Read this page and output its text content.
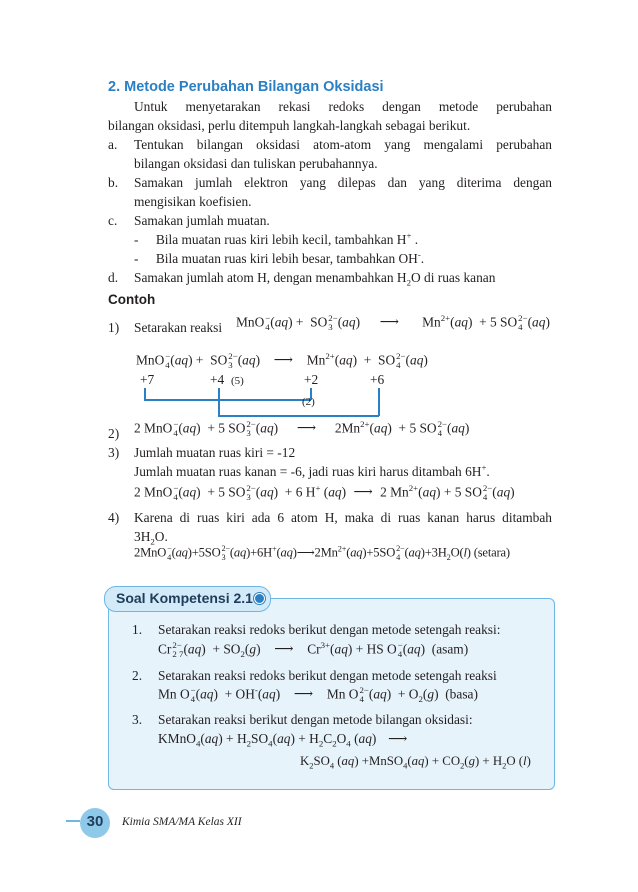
2. Metode Perubahan Bilangan Oksidasi
Untuk menyetarakan rekasi redoks dengan metode perubahan
bilangan oksidasi, perlu ditempuh langkah-langkah sebagai berikut.
a. Tentukan bilangan oksidasi atom-atom yang mengalami perubahan
bilangan oksidasi dan tuliskan perubahannya.
b. Samakan jumlah elektron yang dilepas dan yang diterima dengan
mengisikan koefisien.
c. Samakan jumlah muatan.
- Bila muatan ruas kiri lebih kecil, tambahkan H+ .
- Bila muatan ruas kiri lebih besar, tambahkan OH-.
d. Samakan jumlah atom H, dengan menambahkan $H_2O$ di ruas kanan
Contoh
1) Setarakan reaksi MnO −
4 (aq) +  SO 2−
3 (aq) ⟶  $Mn^{2+}(aq) + 5$ SO 2−
4 (aq)
MnO −
4 (aq) +  SO 2−
3 (aq) ⟶ $Mn^{2+}(aq)$  +  SO 2−
4 (aq)
+7	+4	+2	+6
(5)
(2)
2) 2 MnO −
4 (aq)  + 5 SO 2−
3 (aq) ⟶ $2Mn^{2+}(aq) + 5$ SO 2−
4 (aq)
3) Jumlah muatan ruas kiri = -12
Jumlah muatan ruas kanan = -6, jadi ruas kiri harus ditambah 6H+.
2 MnO −
4 (aq)  + 5 SO 2−
3 (aq)  + 6 H+ (aq) ⟶ 2 $Mn^{2+}(aq) + 5$ SO 2−
4 (aq)
4) Karena di ruas kiri ada 6 atom H, maka di ruas kanan harus ditambah
$3H_2O$.
2MnO −
4 (aq)+5SO 2−
3 $(aq)+6H^+(aq)⟶2Mn^{2+}(aq)+5SO$ 2−
4 $(aq)+3H_2O(l)$ (setara)
Soal Kompetensi 2.1
1. Setarakan reaksi redoks berikut dengan metode setengah reaksi:
Cr 2−
2 7 $(aq) + SO_2(g)$ ⟶ $Cr^{3+}(aq)$ + HS O −
4 (aq)  (asam)
2. Setarakan reaksi redoks berikut dengan metode setengah reaksi
Mn O −
4 (aq)  + OH-(aq) ⟶ Mn O 2−
4 $(aq) + O_2(g)$  (basa)
3. Setarakan reaksi berikut dengan metode bilangan oksidasi:
KMnO$_4$(aq) + $H_2SO_4(aq) + H_2C_2O_4$ (aq) ⟶
$K_2SO_4$ (aq) +MnSO$_4$(aq) + $CO_2(g) + H_2O$ (l)
30	Kimia SMA/MA Kelas XII
